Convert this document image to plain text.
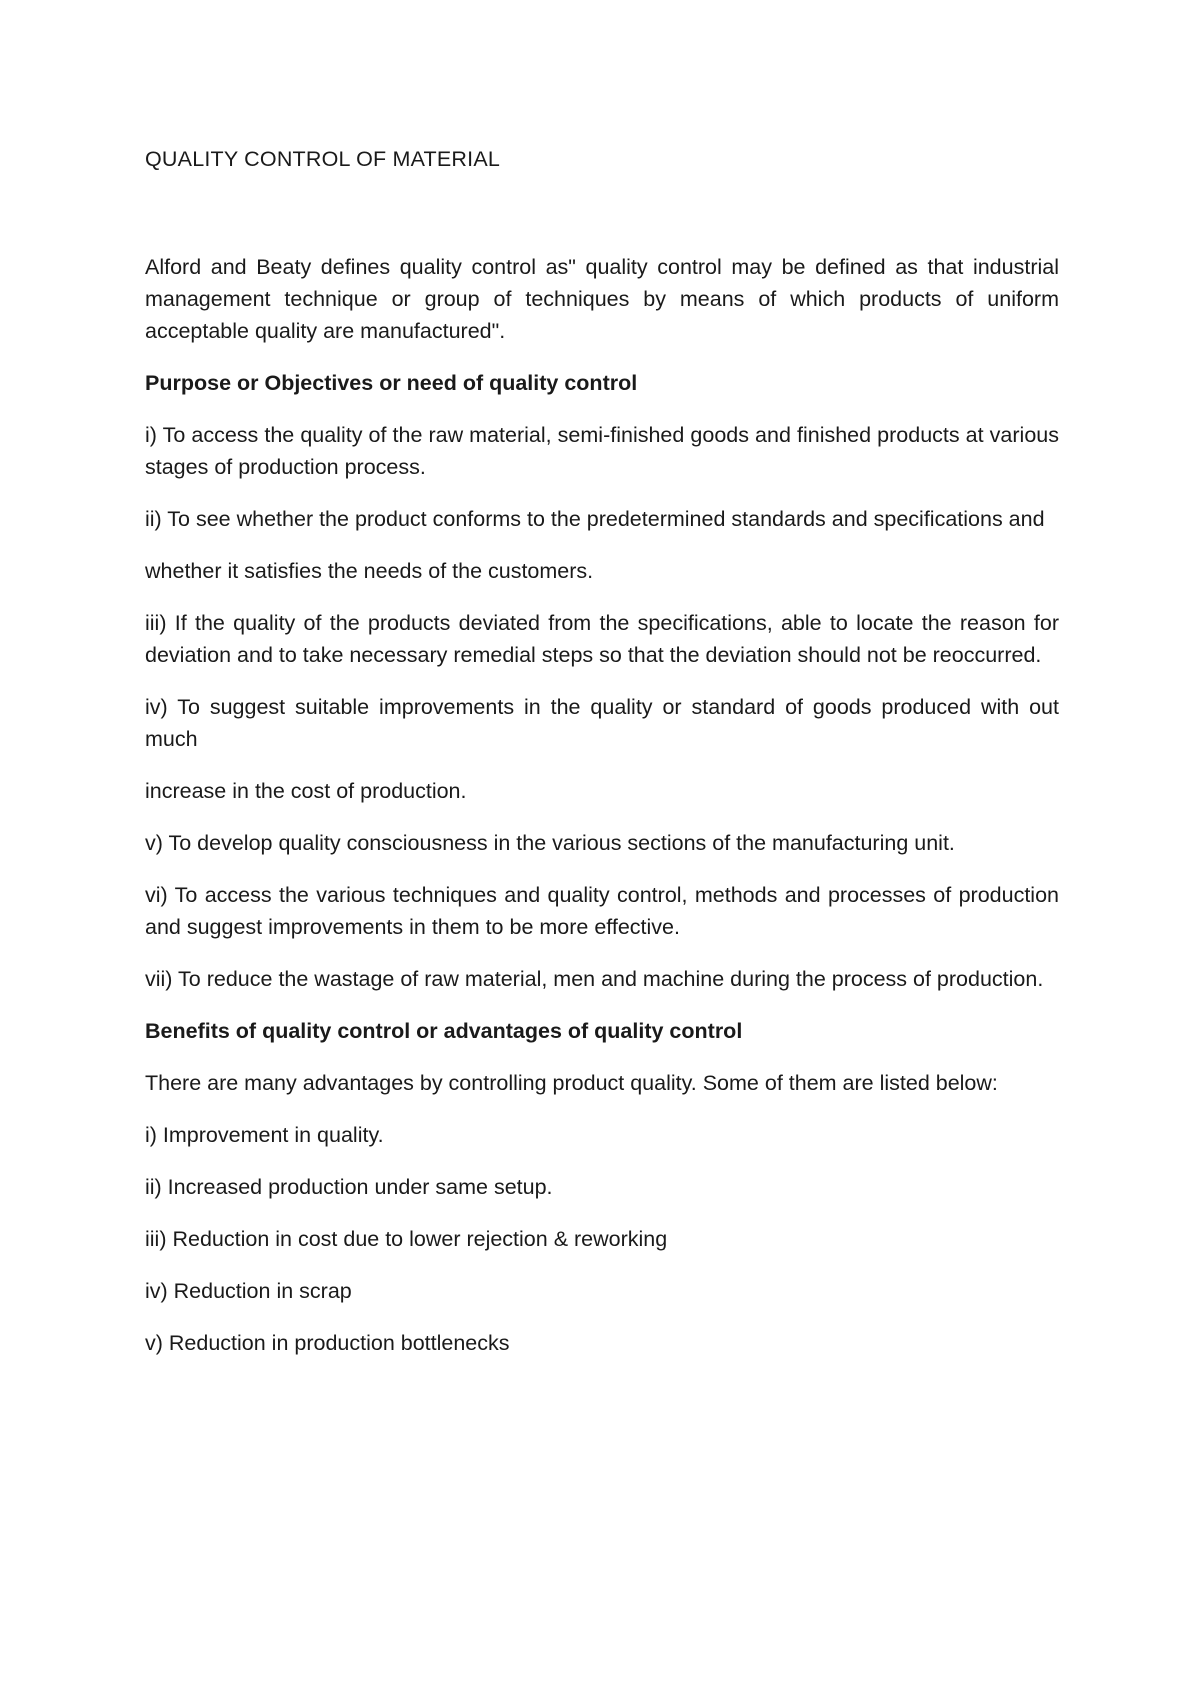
QUALITY CONTROL OF MATERIAL

Alford and Beaty defines quality control as" quality control may be defined as that industrial management technique or group of techniques by means of which products of uniform acceptable quality are manufactured".

Purpose or Objectives or need of quality control

i) To access the quality of the raw material, semi-finished goods and finished products at various stages of production process.

ii) To see whether the product conforms to the predetermined standards and specifications and

whether it satisfies the needs of the customers.

iii) If the quality of the products deviated from the specifications, able to locate the reason for deviation and to take necessary remedial steps so that the deviation should not be reoccurred.

iv) To suggest suitable improvements in the quality or standard of goods produced with out much

increase in the cost of production.

v) To develop quality consciousness in the various sections of the manufacturing unit.

vi) To access the various techniques and quality control, methods and processes of production and suggest improvements in them to be more effective.

vii) To reduce the wastage of raw material, men and machine during the process of production.

Benefits of quality control or advantages of quality control

There are many advantages by controlling product quality. Some of them are listed below:

i) Improvement in quality.

ii) Increased production under same setup.

iii) Reduction in cost due to lower rejection & reworking

iv) Reduction in scrap

v) Reduction in production bottlenecks
